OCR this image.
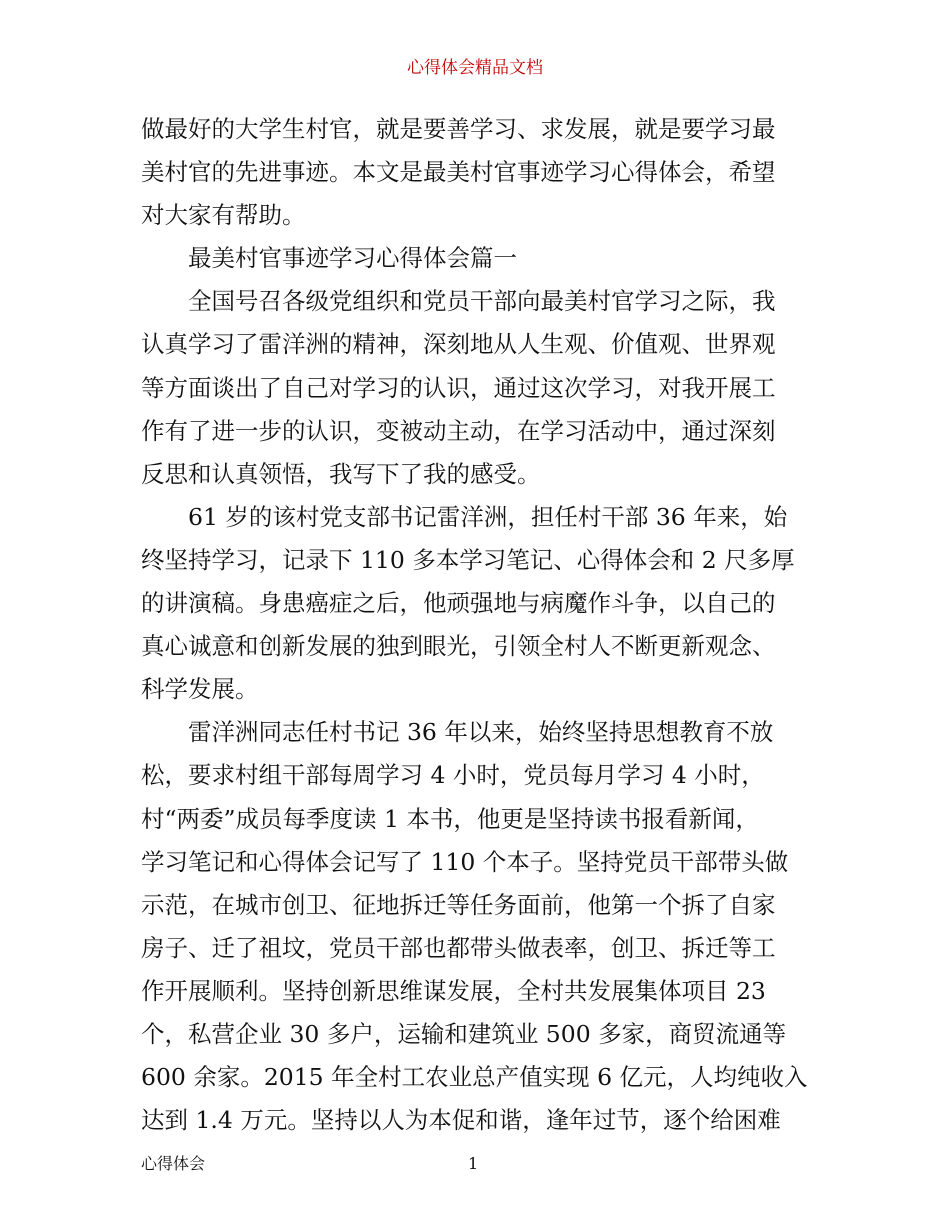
心得体会精品文档

做最好的大学生村官，就是要善学习、求发展，就是要学习最
美村官的先进事迹。本文是最美村官事迹学习心得体会，希望
对大家有帮助。

最美村官事迹学习心得体会篇一

全国号召各级党组织和党员干部向最美村官学习之际，我
认真学习了雷洋洲的精神，深刻地从人生观、价值观、世界观
等方面谈出了自己对学习的认识，通过这次学习，对我开展工
作有了进一步的认识，变被动主动，在学习活动中，通过深刻
反思和认真领悟，我写下了我的感受。

61 岁的该村党支部书记雷洋洲，担任村干部 36 年来，始
终坚持学习，记录下 110 多本学习笔记、心得体会和 2 尺多厚
的讲演稿。身患癌症之后，他顽强地与病魔作斗争，以自己的
真心诚意和创新发展的独到眼光，引领全村人不断更新观念、
科学发展。

雷洋洲同志任村书记 36 年以来，始终坚持思想教育不放
松，要求村组干部每周学习 4 小时，党员每月学习 4 小时，
村“两委”成员每季度读 1 本书，他更是坚持读书报看新闻，
学习笔记和心得体会记写了 110 个本子。坚持党员干部带头做
示范，在城市创卫、征地拆迁等任务面前，他第一个拆了自家
房子、迁了祖坟，党员干部也都带头做表率，创卫、拆迁等工
作开展顺利。坚持创新思维谋发展，全村共发展集体项目 23
个，私营企业 30 多户，运输和建筑业 500 多家，商贸流通等
600 余家。2015 年全村工农业总产值实现 6 亿元，人均纯收入
达到 1.4 万元。坚持以人为本促和谐，逢年过节，逐个给困难

心得体会	1
